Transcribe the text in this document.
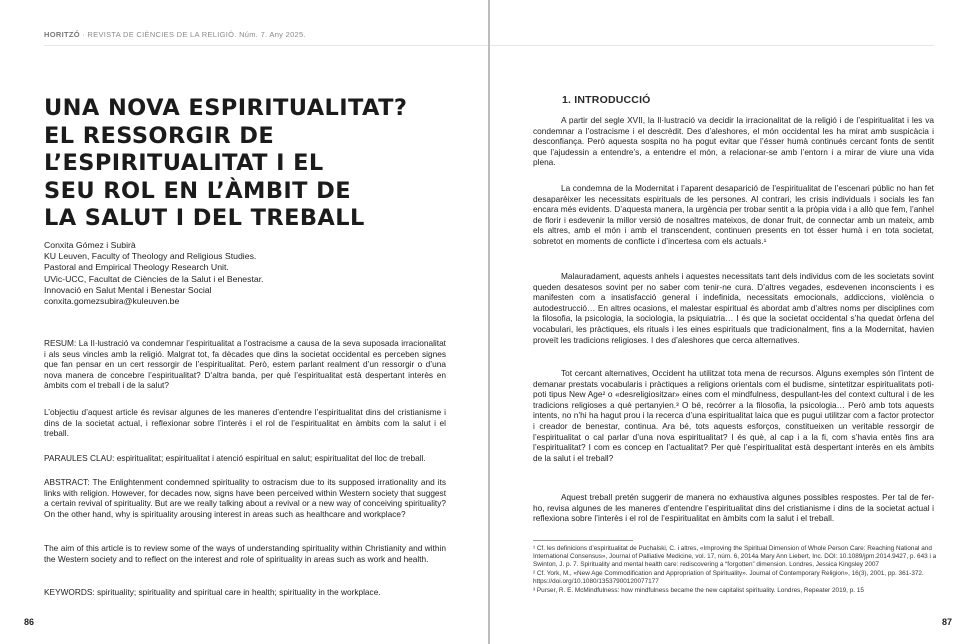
HORITZÓ · REVISTA DE CIÈNCIES DE LA RELIGIÓ. Núm. 7. Any 2025.
UNA NOVA ESPIRITUALITAT?
EL RESSORGIR DE
L’ESPIRITUALITAT I EL
SEU ROL EN L’ÀMBIT DE
LA SALUT I DEL TREBALL
Conxita Gómez i Subirà
KU Leuven, Faculty of Theology and Religious Studies.
Pastoral and Empirical Theology Research Unit.
UVic-UCC, Facultat de Ciències de la Salut i el Benestar.
Innovació en Salut Mental i Benestar Social
conxita.gomezsubira@kuleuven.be

RESUM: La Il·lustració va condemnar l’espiritualitat a l’ostracisme a causa de la seva suposada irracionalitat i als seus vincles amb la religió. Malgrat tot, fa dècades que dins la societat occidental es perceben signes que fan pensar en un cert ressorgir de l’espiritualitat. Però, estem parlant realment d’un ressorgir o d’una nova manera de concebre l’espiritualitat? D’altra banda, per què l’espiritualitat està despertant interès en àmbits com el treball i de la salut?

L’objectiu d’aquest article és revisar algunes de les maneres d’entendre l’espiritualitat dins del cristianisme i dins de la societat actual, i reflexionar sobre l’interès i el rol de l’espiritualitat en àmbits com la salut i el treball.

PARAULES CLAU: espiritualitat; espiritualitat i atenció espiritual en salut; espiritualitat del lloc de treball.

ABSTRACT: The Enlightenment condemned spirituality to ostracism due to its supposed irrationality and its links with religion. However, for decades now, signs have been perceived within Western society that suggest a certain revival of spirituality. But are we really talking about a revival or a new way of conceiving spirituality? On the other hand, why is spirituality arousing interest in areas such as healthcare and workplace?

The aim of this article is to review some of the ways of understanding spirituality within Christianity and within the Western society and to reflect on the interest and role of spirituality in areas such as work and health.

KEYWORDS: spirituality; spirituality and spiritual care in health; spirituality in the workplace.

86
1. INTRODUCCIÓ

A partir del segle XVII, la Il·lustració va decidir la irracionalitat de la religió i de l’espiritualitat i les va condemnar a l’ostracisme i el descrèdit. Des d’aleshores, el món occidental les ha mirat amb suspicàcia i desconfiança. Però aquesta sospita no ha pogut evitar que l’ésser humà continués cercant fonts de sentit que l’ajudessin a entendre’s, a entendre el món, a relacionar-se amb l’entorn i a mirar de viure una vida plena.

La condemna de la Modernitat i l’aparent desaparició de l’espiritualitat de l’escenari públic no han fet desaparèixer les necessitats espirituals de les persones. Al contrari, les crisis individuals i socials les fan encara més evidents. D’aquesta manera, la urgència per trobar sentit a la pròpia vida i a allò que fem, l’anhel de florir i esdevenir la millor versió de nosaltres mateixos, de donar fruit, de connectar amb un mateix, amb els altres, amb el món i amb el transcendent, continuen presents en tot ésser humà i en tota societat, sobretot en moments de conflicte i d’incertesa com els actuals.¹

Malauradament, aquests anhels i aquestes necessitats tant dels individus com de les societats sovint queden desatesos sovint per no saber com tenir-ne cura. D’altres vegades, esdevenen inconscients i es manifesten com a insatisfacció general i indefinida, necessitats emocionals, addiccions, violència o autodestrucció… En altres ocasions, el malestar espiritual és abordat amb d’altres noms per disciplines com la filosofia, la psicologia, la sociologia, la psiquiatria… I és que la societat occidental s’ha quedat òrfena del vocabulari, les pràctiques, els rituals i les eines espirituals que tradicionalment, fins a la Modernitat, havien proveït les tradicions religioses. I des d’aleshores que cerca alternatives.

Tot cercant alternatives, Occident ha utilitzat tota mena de recursos. Alguns exemples són l’intent de demanar prestats vocabularis i pràctiques a religions orientals com el budisme, sintetitzar espiritualitats poti-poti tipus New Age² o «desreligiositzar» eines com el mindfulness, despullant-les del context cultural i de les tradicions religioses a què pertanyien.³ O bé, recórrer a la filosofia, la psicologia… Però amb tots aquests intents, no n’hi ha hagut prou i la recerca d’una espiritualitat laica que es pugui utilitzar com a factor protector i creador de benestar, continua. Ara bé, tots aquests esforços, constitueixen un veritable ressorgir de l’espiritualitat o cal parlar d’una nova espiritualitat? I és què, al cap i a la fi, com s’havia entès fins ara l’espiritualitat? I com es concep en l’actualitat? Per què l’espiritualitat està despertant interès en els àmbits de la salut i el treball?

Aquest treball pretén suggerir de manera no exhaustiva algunes possibles respostes. Per tal de fer-ho, revisa algunes de les maneres d’entendre l’espiritualitat dins del cristianisme i dins de la societat actual i reflexiona sobre l’interès i el rol de l’espiritualitat en àmbits com la salut i el treball.

¹ Cf. les definicions d’espiritualitat de Puchalski, C. i altres, «Improving the Spiritual Dimension of Whole Person Care: Reaching National and International Consensus», Journal of Palliative Medicine, vol. 17, núm. 6, 2014a Mary Ann Liebert, Inc. DOI: 10.1089/jpm.2014.9427, p. 643 i a Swinton, J. p. 7. Spirituality and mental health care: rediscovering a “forgotten” dimension. Londres, Jessica Kingsley 2007

² Cf. York, M., «New Age Commodification and Appropriation of Spirituality». Journal of Contemporary Religion», 16(3), 2001, pp. 361-372. https://doi.org/10.1080/13537900120077177

³ Purser, R. E. McMindfulness: how mindfulness became the new capitalist spirituality. Londres, Repeater 2019, p. 15

87
